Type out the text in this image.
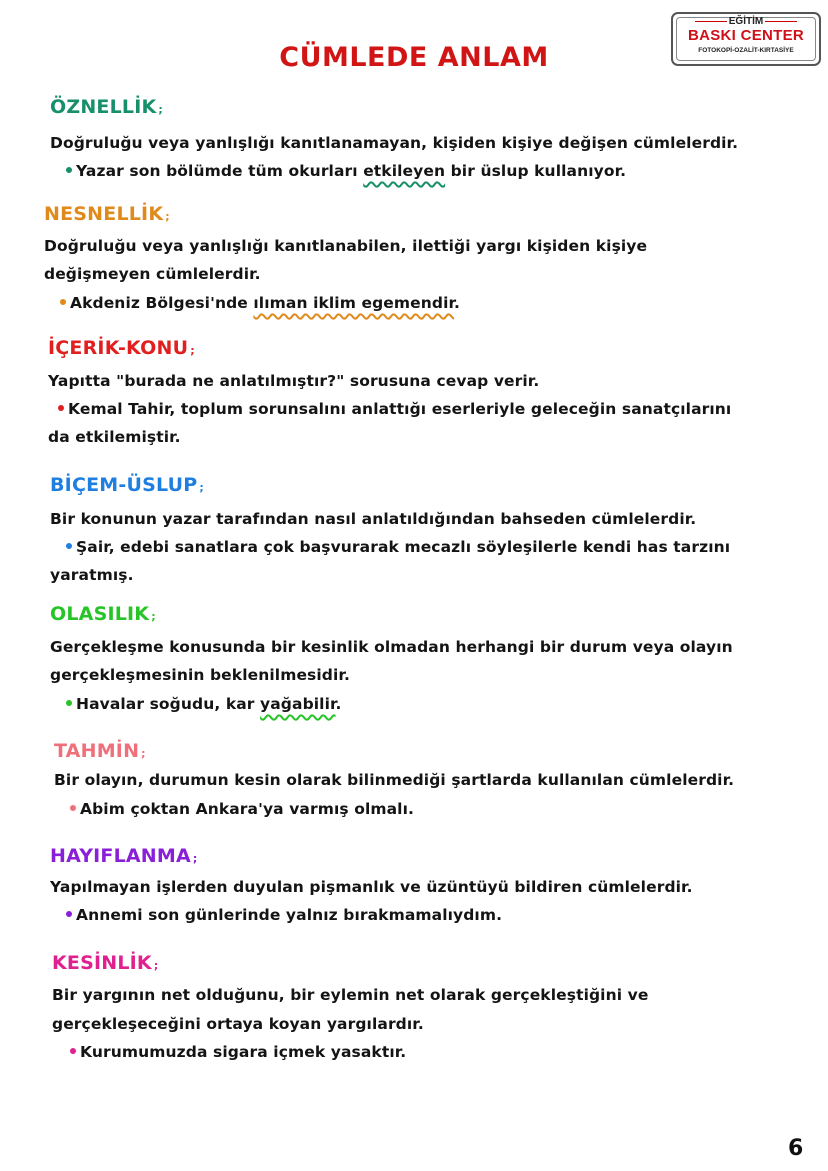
EĞİTİM
BASKI CENTER
FOTOKOPİ-OZALİT-KIRTASİYE
CÜMLEDE ANLAM
ÖZNELLİK ;
Doğruluğu veya yanlışlığı kanıtlanamayan, kişiden kişiye değişen cümlelerdir.
Yazar son bölümde tüm okurları etkileyen bir üslup kullanıyor.
NESNELLİK ;
Doğruluğu veya yanlışlığı kanıtlanabilen, ilettiği yargı kişiden kişiye
değişmeyen cümlelerdir.
Akdeniz Bölgesi'nde ılıman iklim egemendir.
İÇERİK-KONU ;
Yapıtta "burada ne anlatılmıştır?" sorusuna cevap verir.
Kemal Tahir, toplum sorunsalını anlattığı eserleriyle geleceğin sanatçılarını
da etkilemiştir.
BİÇEM-ÜSLUP ;
Bir konunun yazar tarafından nasıl anlatıldığından bahseden cümlelerdir.
Şair, edebi sanatlara çok başvurarak mecazlı söyleşilerle kendi has tarzını
yaratmış.
OLASILIK ;
Gerçekleşme konusunda bir kesinlik olmadan herhangi bir durum veya olayın
gerçekleşmesinin beklenilmesidir.
Havalar soğudu, kar yağabilir.
TAHMİN ;
Bir olayın, durumun kesin olarak bilinmediği şartlarda kullanılan cümlelerdir.
Abim çoktan Ankara'ya varmış olmalı.
HAYIFLANMA ;
Yapılmayan işlerden duyulan pişmanlık ve üzüntüyü bildiren cümlelerdir.
Annemi son günlerinde yalnız bırakmamalıydım.
KESİNLİK ;
Bir yargının net olduğunu, bir eylemin net olarak gerçekleştiğini ve
gerçekleşeceğini ortaya koyan yargılardır.
Kurumumuzda sigara içmek yasaktır.
6
